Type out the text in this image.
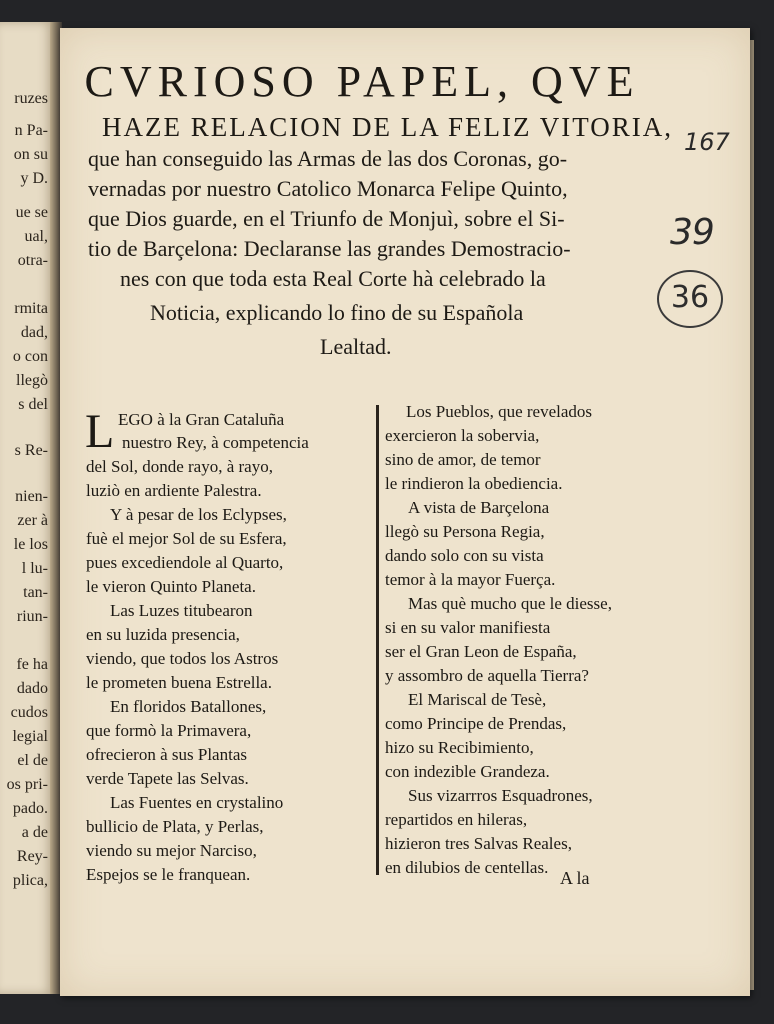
ruzes
n Pa-
on su
y D.
ue se
ual,
otra-
rmita
dad,
o con
llegò
s del
s Re-
nien-
zer à
le los
l lu-
tan-
riun-
fe ha
dado
cudos
legial
el de
os pri-
pado.
a de
Rey-
plica,
CVRIOSO PAPEL, QVE
HAZE RELACION DE LA FELIZ VITORIA,
que han conseguido las Armas de las dos Coronas, go-
vernadas por nuestro Catolico Monarca Felipe Quinto,
que Dios guarde, en el Triunfo de Monjuì, sobre el Si-
tio de Barçelona: Declaranse las grandes Demostracio-
nes con que toda esta Real Corte hà celebrado la
Noticia, explicando lo fino de su Española
Lealtad.
167
39
36
L EGO à la Gran Cataluña
nuestro Rey, à competencia
del Sol, donde rayo, à rayo,
luziò en ardiente Palestra.
Y à pesar de los Eclypses,
fuè el mejor Sol de su Esfera,
pues excediendole al Quarto,
le vieron Quinto Planeta.
Las Luzes titubearon
en su luzida presencia,
viendo, que todos los Astros
le prometen buena Estrella.
En floridos Batallones,
que formò la Primavera,
ofrecieron à sus Plantas
verde Tapete las Selvas.
Las Fuentes en crystalino
bullicio de Plata, y Perlas,
viendo su mejor Narciso,
Espejos se le franquean.
Los Pueblos, que revelados
exercieron la sobervia,
sino de amor, de temor
le rindieron la obediencia.
A vista de Barçelona
llegò su Persona Regia,
dando solo con su vista
temor à la mayor Fuerça.
Mas què mucho que le diesse,
si en su valor manifiesta
ser el Gran Leon de España,
y assombro de aquella Tierra?
El Mariscal de Tesè,
como Principe de Prendas,
hizo su Recibimiento,
con indezible Grandeza.
Sus vizarrros Esquadrones,
repartidos en hileras,
hizieron tres Salvas Reales,
en dilubios de centellas.
A la
